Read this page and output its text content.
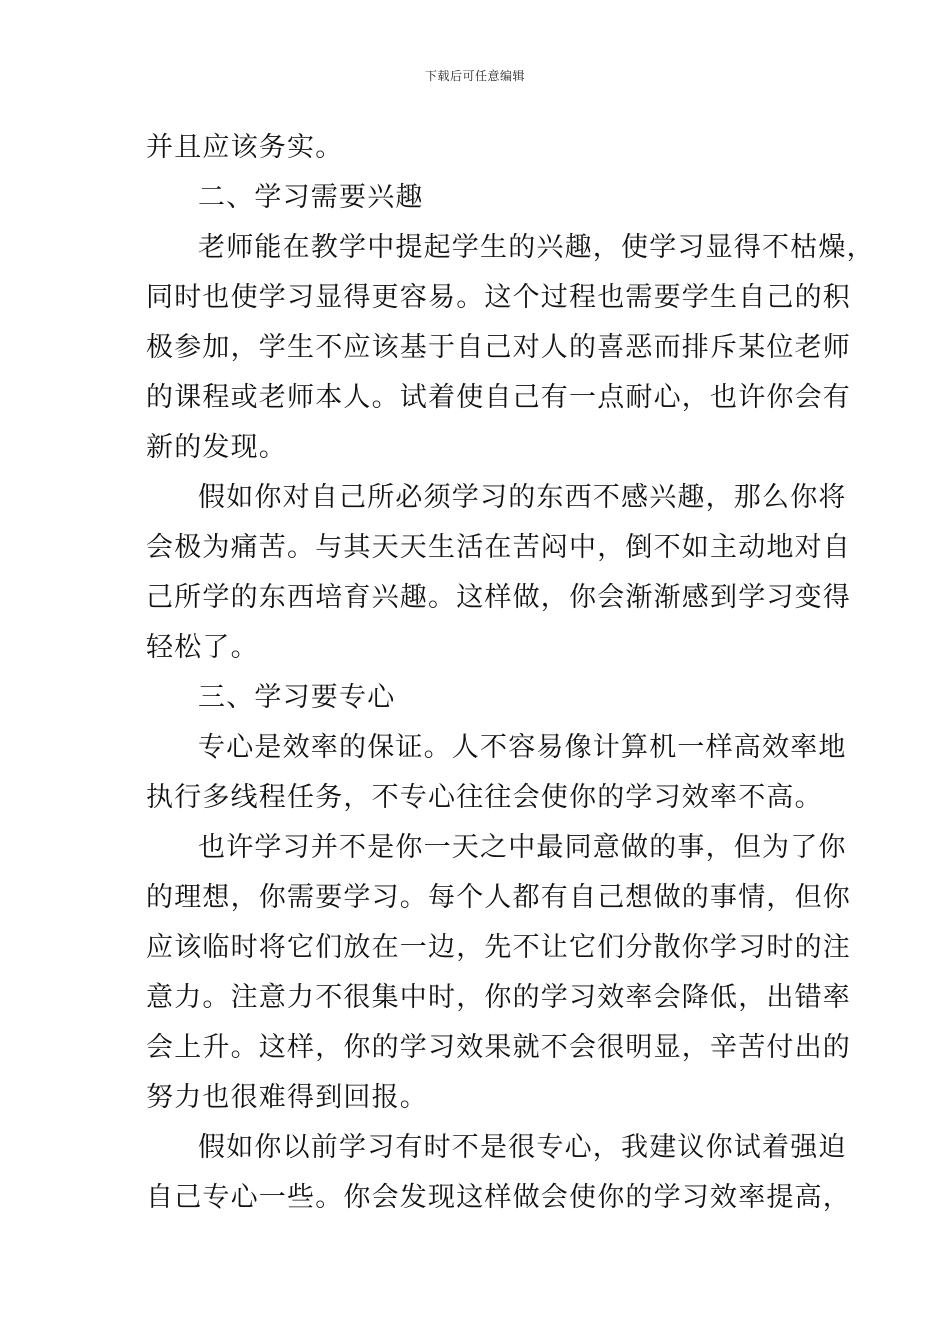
下载后可任意编辑
并且应该务实。
二、学习需要兴趣
老师能在教学中提起学生的兴趣，使学习显得不枯燥，
同时也使学习显得更容易。这个过程也需要学生自己的积
极参加，学生不应该基于自己对人的喜恶而排斥某位老师
的课程或老师本人。试着使自己有一点耐心，也许你会有
新的发现。
假如你对自己所必须学习的东西不感兴趣，那么你将
会极为痛苦。与其天天生活在苦闷中，倒不如主动地对自
己所学的东西培育兴趣。这样做，你会渐渐感到学习变得
轻松了。
三、学习要专心
专心是效率的保证。人不容易像计算机一样高效率地
执行多线程任务，不专心往往会使你的学习效率不高。
也许学习并不是你一天之中最同意做的事，但为了你
的理想，你需要学习。每个人都有自己想做的事情，但你
应该临时将它们放在一边，先不让它们分散你学习时的注
意力。注意力不很集中时，你的学习效率会降低，出错率
会上升。这样，你的学习效果就不会很明显，辛苦付出的
努力也很难得到回报。
假如你以前学习有时不是很专心，我建议你试着强迫
自己专心一些。你会发现这样做会使你的学习效率提高，
